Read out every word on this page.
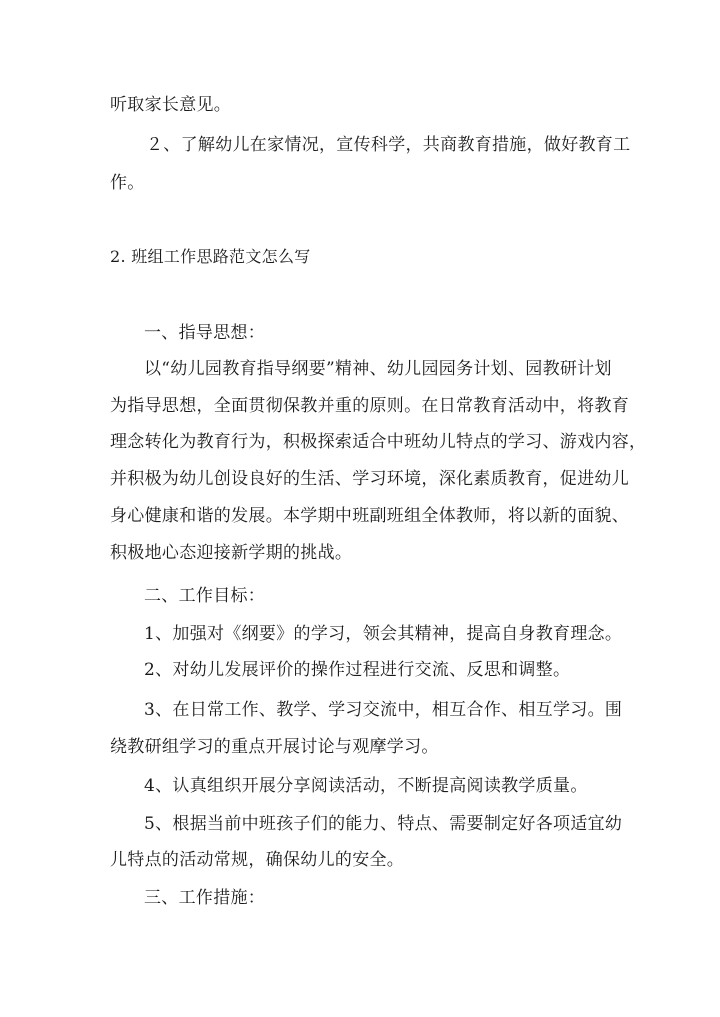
听取家长意见。
２、了解幼儿在家情况，宣传科学，共商教育措施，做好教育工
作。
2. 班组工作思路范文怎么写
一、指导思想：
以“幼儿园教育指导纲要”精神、幼儿园园务计划、园教研计划
为指导思想，全面贯彻保教并重的原则。在日常教育活动中，将教育
理念转化为教育行为，积极探索适合中班幼儿特点的学习、游戏内容，
并积极为幼儿创设良好的生活、学习环境，深化素质教育，促进幼儿
身心健康和谐的发展。本学期中班副班组全体教师，将以新的面貌、
积极地心态迎接新学期的挑战。
二、工作目标：
1、加强对《纲要》的学习，领会其精神，提高自身教育理念。
2、对幼儿发展评价的操作过程进行交流、反思和调整。
3、在日常工作、教学、学习交流中，相互合作、相互学习。围
绕教研组学习的重点开展讨论与观摩学习。
4、认真组织开展分享阅读活动，不断提高阅读教学质量。
5、根据当前中班孩子们的能力、特点、需要制定好各项适宜幼
儿特点的活动常规，确保幼儿的安全。
三、工作措施：
